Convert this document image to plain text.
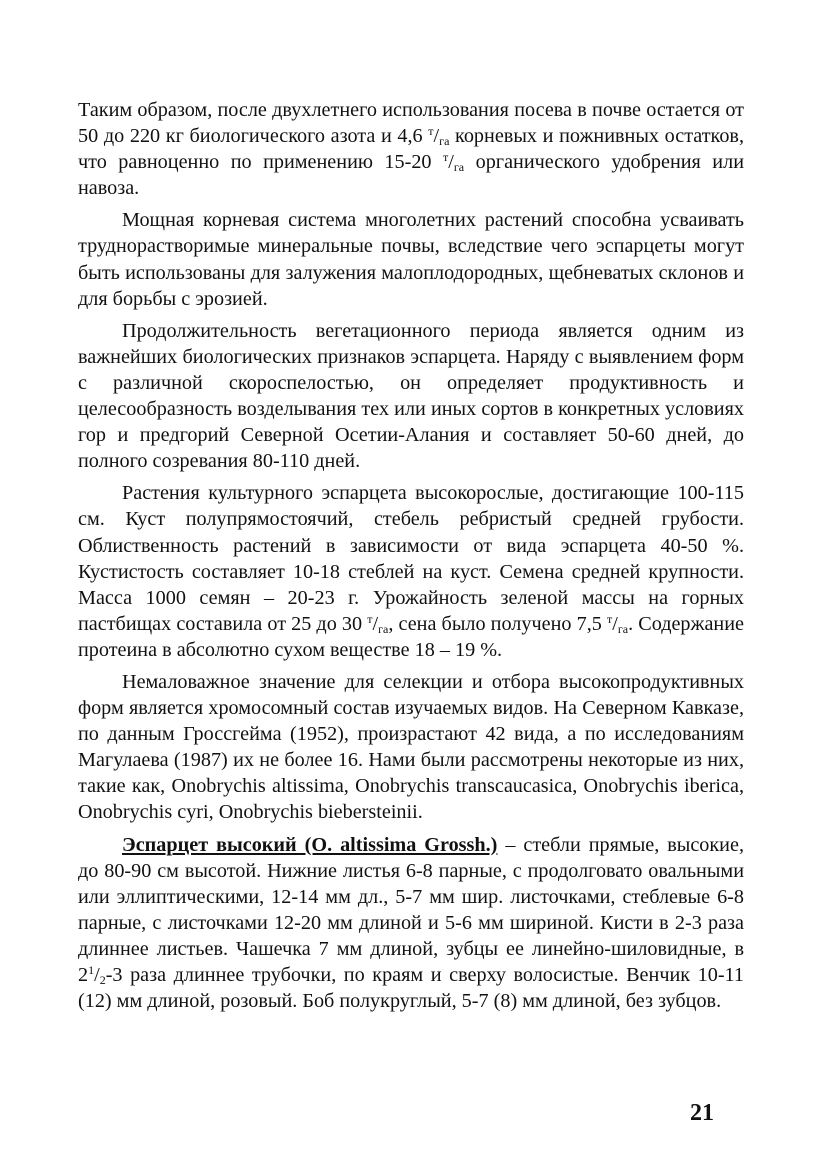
Таким образом, после двухлетнего использования посева в почве остается от 50 до 220 кг биологического азота и 4,6 $^т/_{га}$ корневых и пожнивных остатков, что равноценно по применению 15-20 $^т/_{га}$ органического удобрения или навоза.

Мощная корневая система многолетних растений способна усваивать труднорастворимые минеральные почвы, вследствие чего эспарцеты могут быть использованы для залужения малоплодородных, щебневатых склонов и для борьбы с эрозией.

Продолжительность вегетационного периода является одним из важнейших биологических признаков эспарцета. Наряду с выявлением форм с различной скороспелостью, он определяет продуктивность и целесообразность возделывания тех или иных сортов в конкретных условиях гор и предгорий Северной Осетии-Алания и составляет 50-60 дней, до полного созревания 80-110 дней.

Растения культурного эспарцета высокорослые, достигающие 100-115 см. Куст полупрямостоячий, стебель ребристый средней грубости. Облиственность растений в зависимости от вида эспарцета 40-50 %. Кустистость составляет 10-18 стеблей на куст. Семена средней крупности. Масса 1000 семян – 20-23 г. Урожайность зеленой массы на горных пастбищах составила от 25 до 30 $^т/_{га}$, сена было получено 7,5 $^т/_{га}$. Содержание протеина в абсолютно сухом веществе 18 – 19 %.

Немаловажное значение для селекции и отбора высокопродуктивных форм является хромосомный состав изучаемых видов. На Северном Кавказе, по данным Гроссгейма (1952), произрастают 42 вида, а по исследованиям Магулаева (1987) их не более 16. Нами были рассмотрены некоторые из них, такие как, Onobrychis altissima, Onobrychis transcaucasica, Onobrychis iberica, Onobrychis cyri, Onobrychis biebersteinii.

Эспарцет высокий (O. altissima Grossh.) – стебли прямые, высокие, до 80-90 см высотой. Нижние листья 6-8 парные, с продолговато овальными или эллиптическими, 12-14 мм дл., 5-7 мм шир. листочками, стеблевые 6-8 парные, с листочками 12-20 мм длиной и 5-6 мм шириной. Кисти в 2-3 раза длиннее листьев. Чашечка 7 мм длиной, зубцы ее линейно-шиловидные, в $2^1/_2-3$ раза длиннее трубочки, по краям и сверху волосистые. Венчик 10-11 (12) мм длиной, розовый. Боб полукруглый, 5-7 (8) мм длиной, без зубцов.

21
